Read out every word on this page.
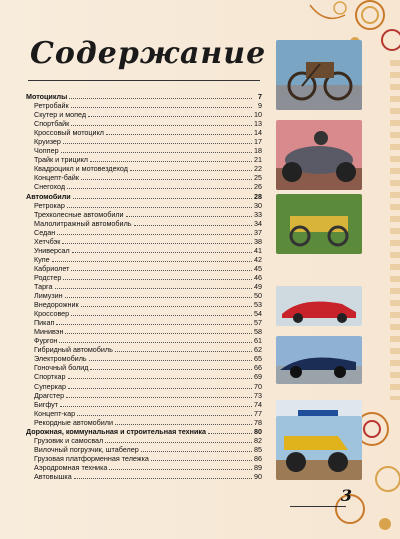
Содержание
Мотоциклы	7
Ретробайк	9
Скутер и мопед	10
Спортбайк	13
Кроссовый мотоцикл	14
Круизер	17
Чоппер	18
Трайк и трицикл	21
Квадроцикл и мотовездеход	22
Концепт-байк	25
Снегоход	26
Автомобили	28
Ретрокар	30
Трехколесные автомобили	33
Малолитражный автомобиль	34
Седан	37
Хетчбэк	38
Универсал	41
Купе	42
Кабриолет	45
Родстер	46
Тарга	49
Лимузин	50
Внедорожник	53
Кроссовер	54
Пикап	57
Минивэн	58
Фургон	61
Гибридный автомобиль	62
Электромобиль	65
Гоночный болид	66
Спорткар	69
Суперкар	70
Драгстер	73
Бигфут	74
Концепт-кар	77
Рекордные автомобили	78
Дорожная, коммунальная и строительная техника	80
Грузовик и самосвал	82
Вилочный погрузчик, штабелер	85
Грузовая платформенная тележка	86
Аэродромная техника	89
Автовышка	90
3
